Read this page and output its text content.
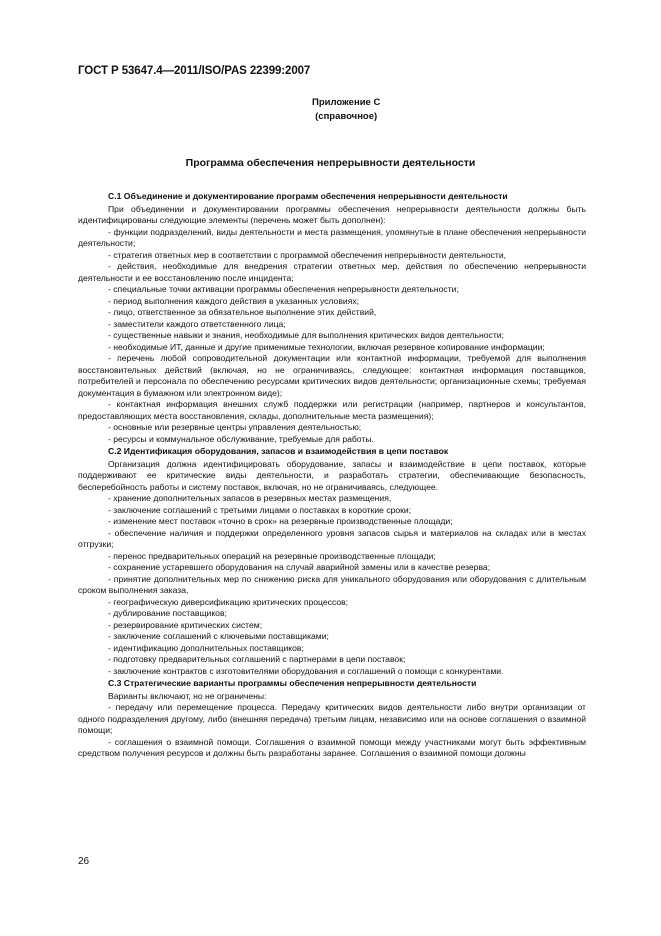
ГОСТ Р 53647.4—2011/ISO/PAS 22399:2007
Приложение С
(справочное)
Программа обеспечения непрерывности деятельности

С.1 Объединение и документирование программ обеспечения непрерывности деятельности

При объединении и документировании программы обеспечения непрерывности деятельности должны быть идентифицированы следующие элементы (перечень может быть дополнен):

- функции подразделений, виды деятельности и места размещения, упомянутые в плане обеспечения непрерывности деятельности;

- стратегия ответных мер в соответствии с программой обеспечения непрерывности деятельности,

- действия, необходимые для внедрения стратегии ответных мер, действия по обеспечению непрерывности деятельности и ее восстановлению после инцидента;

- специальные точки активации программы обеспечения непрерывности деятельности;

- период выполнения каждого действия в указанных условиях;

- лицо, ответственное за обязательное выполнение этих действий,

- заместители каждого ответственного лица;

- существенные навыки и знания, необходимые для выполнения критических видов деятельности;

- необходимые ИТ, данные и другие применимые технологии, включая резервное копирование информации;

- перечень любой сопроводительной документации или контактной информации, требуемой для выполнения восстановительных действий (включая, но не ограничиваясь, следующее: контактная информация поставщиков, потребителей и персонала по обеспечению ресурсами критических видов деятельности; организационные схемы; требуемая документация в бумажном или электронном виде);

- контактная информация внешних служб поддержки или регистрации (например, партнеров и консультантов, предоставляющих места восстановления, склады, дополнительные места размещения);

- основные или резервные центры управления деятельностью;

- ресурсы и коммунальное обслуживание, требуемые для работы.

С.2 Идентификация оборудования, запасов и взаимодействия в цепи поставок

Организация должна идентифицировать оборудование, запасы и взаимодействие в цепи поставок, которые поддерживают ее критические виды деятельности, и разработать стратегии, обеспечивающие безопасность, бесперебойность работы и систему поставок, включая, но не ограничиваясь, следующее.

- хранение дополнительных запасов в резервных местах размещения,

- заключение соглашений с третьими лицами о поставках в короткие сроки;

- изменение мест поставок «точно в срок» на резервные производственные площади;

- обеспечение наличия и поддержки определенного уровня запасов сырья и материалов на складах или в местах отгрузки;

- перенос предварительных операций на резервные производственные площади;

- сохранение устаревшего оборудования на случай аварийной замены или в качестве резерва;

- принятие дополнительных мер по снижению риска для уникального оборудования или оборудования с длительным сроком выполнения заказа,

- географическую диверсификацию критических процессов;

- дублирование поставщиков;

- резервирование критических систем;

- заключение соглашений с ключевыми поставщиками;

- идентификацию дополнительных поставщиков;

- подготовку предварительных соглашений с партнерами в цепи поставок;

- заключение контрактов с изготовителями оборудования и соглашений о помощи с конкурентами.

С.3 Стратегические варианты программы обеспечения непрерывности деятельности

Варианты включают, но не ограничены:

- передачу или перемещение процесса. Передачу критических видов деятельности либо внутри организации от одного подразделения другому, либо (внешняя передача) третьим лицам, независимо или на основе соглашения о взаимной помощи;

- соглашения о взаимной помощи. Соглашения о взаимной помощи между участниками могут быть эффективным средством получения ресурсов и должны быть разработаны заранее. Соглашения о взаимной помощи должны

26
